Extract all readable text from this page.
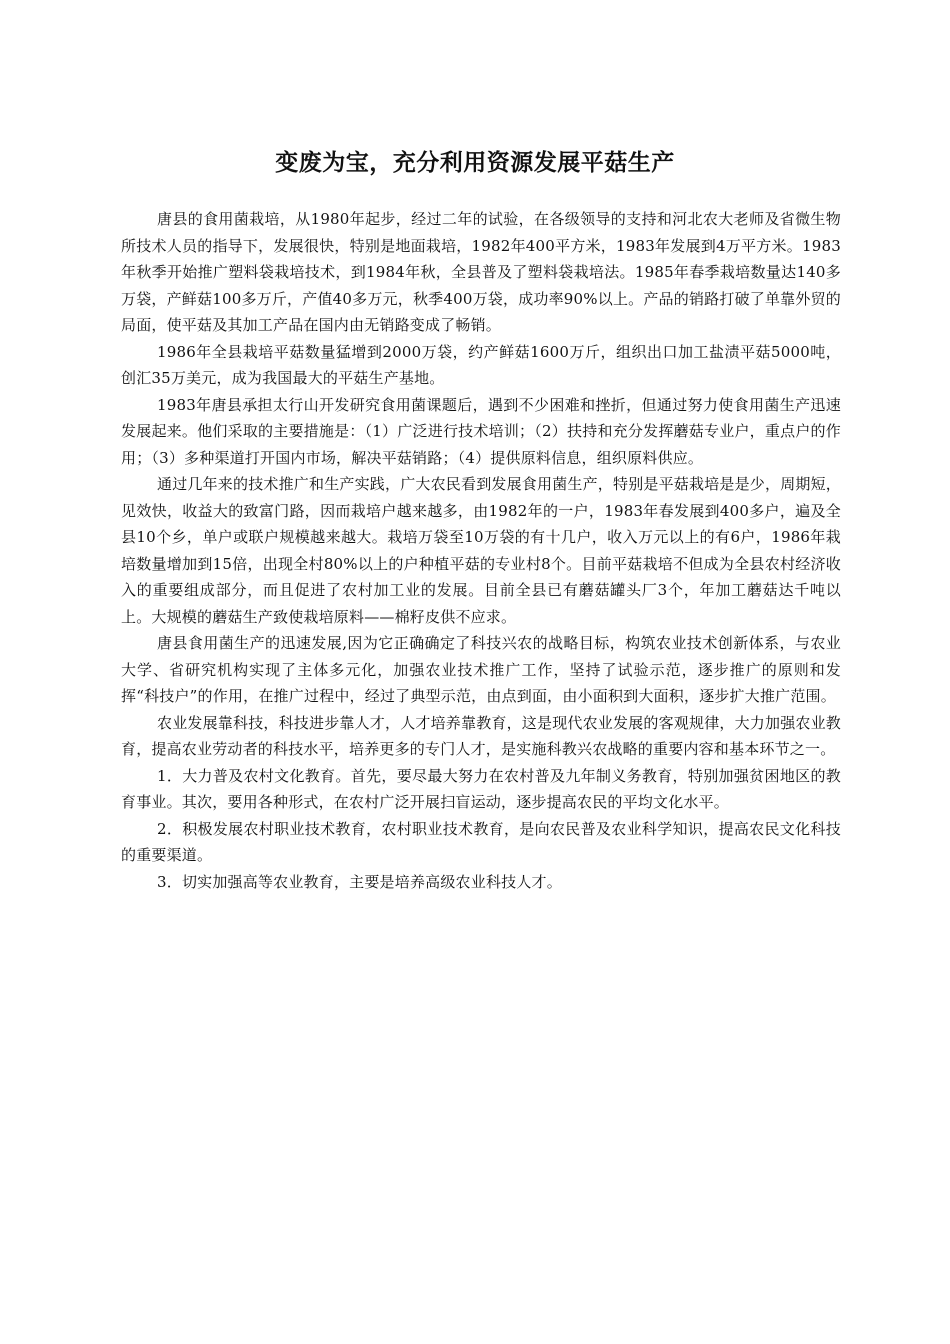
变废为宝，充分利用资源发展平菇生产

唐县的食用菌栽培，从1980年起步，经过二年的试验，在各级领导的支持和河北农大老师及省微生物所技术人员的指导下，发展很快，特别是地面栽培，1982年400平方米，1983年发展到4万平方米。1983年秋季开始推广塑料袋栽培技术，到1984年秋，全县普及了塑料袋栽培法。1985年春季栽培数量达140多万袋，产鲜菇100多万斤，产值40多万元，秋季400万袋，成功率90%以上。产品的销路打破了单靠外贸的局面，使平菇及其加工产品在国内由无销路变成了畅销。

1986年全县栽培平菇数量猛增到2000万袋，约产鲜菇1600万斤，组织出口加工盐渍平菇5000吨，创汇35万美元，成为我国最大的平菇生产基地。

1983年唐县承担太行山开发研究食用菌课题后，遇到不少困难和挫折，但通过努力使食用菌生产迅速发展起来。他们采取的主要措施是：（1）广泛进行技术培训；（2）扶持和充分发挥蘑菇专业户，重点户的作用；（3）多种渠道打开国内市场，解决平菇销路；（4）提供原料信息，组织原料供应。

通过几年来的技术推广和生产实践，广大农民看到发展食用菌生产，特别是平菇栽培是是少，周期短，见效快，收益大的致富门路，因而栽培户越来越多，由1982年的一户，1983年春发展到400多户，遍及全县10个乡，单户或联户规模越来越大。栽培万袋至10万袋的有十几户，收入万元以上的有6户，1986年栽培数量增加到15倍，出现全村80%以上的户种植平菇的专业村8个。目前平菇栽培不但成为全县农村经济收入的重要组成部分，而且促进了农村加工业的发展。目前全县已有蘑菇罐头厂3个，年加工蘑菇达千吨以上。大规模的蘑菇生产致使栽培原料——棉籽皮供不应求。

唐县食用菌生产的迅速发展,因为它正确确定了科技兴农的战略目标，构筑农业技术创新体系，与农业大学、省研究机构实现了主体多元化，加强农业技术推广工作，坚持了试验示范，逐步推广的原则和发挥“科技户”的作用，在推广过程中，经过了典型示范，由点到面，由小面积到大面积，逐步扩大推广范围。

农业发展靠科技，科技进步靠人才，人才培养靠教育，这是现代农业发展的客观规律，大力加强农业教育，提高农业劳动者的科技水平，培养更多的专门人才，是实施科教兴农战略的重要内容和基本环节之一。

1．大力普及农村文化教育。首先，要尽最大努力在农村普及九年制义务教育，特别加强贫困地区的教育事业。其次，要用各种形式，在农村广泛开展扫盲运动，逐步提高农民的平均文化水平。

2．积极发展农村职业技术教育，农村职业技术教育，是向农民普及农业科学知识，提高农民文化科技的重要渠道。

3．切实加强高等农业教育，主要是培养高级农业科技人才。
